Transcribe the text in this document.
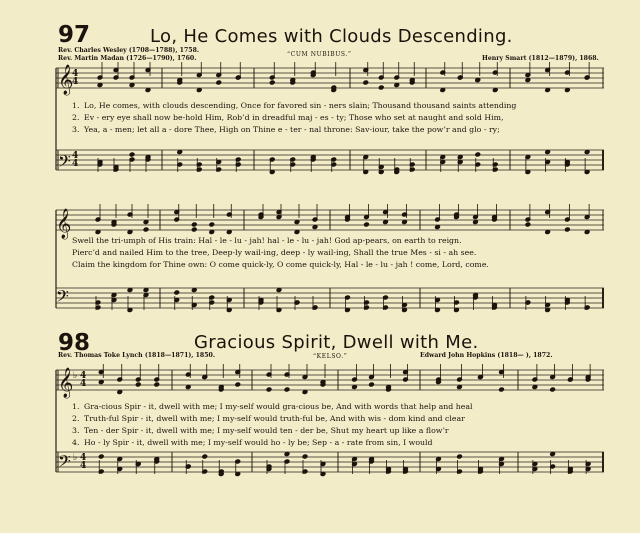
𝄞
𝄢
𝄞
𝄢
𝄞
𝄢
4
4
4
4
♭ 4
4
♭ 4
4
97	Lo, He Comes with Clouds Descending.
Rev. Charles Wesley (1708—1788), 1758.
Rev. Martin Madan (1726—1790), 1760.
“CUM NUBIBUS.”
Henry Smart (1812—1879), 1868.
1. Lo, He comes, with clouds descending, Once for favored sin - ners slain; Thousand thousand saints attending
2. Ev - ery eye shall now be-hold Him, Rob’d in dreadful maj - es - ty; Those who set at naught and sold Him,
3. Yea, a - men; let all a - dore Thee, High on Thine e - ter - nal throne: Sav-iour, take the pow’r and glo - ry;
Swell the tri-umph of His train: Hal - le - lu - jah! hal - le - lu - jah! God ap-pears, on earth to reign.
Pierc’d and nailed Him to the tree, Deep-ly wail-ing, deep - ly wail-ing, Shall the true Mes - si - ah see.
Claim the kingdom for Thine own: O come quick-ly, O come quick-ly, Hal - le - lu - jah ! come, Lord, come.
98	Gracious Spirit, Dwell with Me.
Rev. Thomas Toke Lynch (1818—1871), 1850.	“KELSO.”	Edward John Hopkins (1818— ), 1872.
1. Gra-cious Spir - it, dwell with me; I my-self would gra-cious be, And with words that help and heal
2. Truth-ful Spir - it, dwell with me; I my-self would truth-ful be, And with wis - dom kind and clear
3. Ten - der Spir - it, dwell with me; I my-self would ten - der be, Shut my heart up like a flow’r
4. Ho - ly Spir - it, dwell with me; I my-self would ho - ly be; Sep - a - rate from sin, I would
